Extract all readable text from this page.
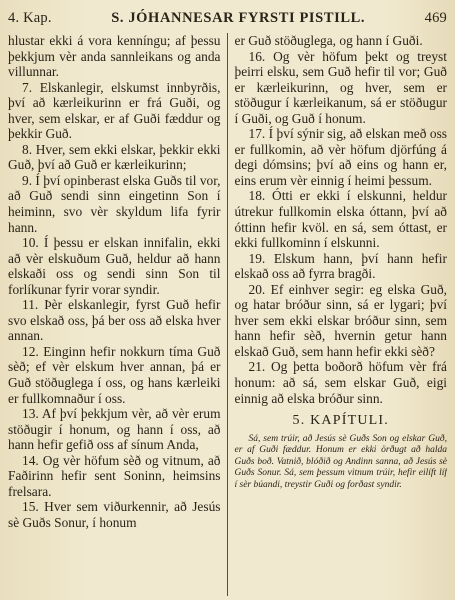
4. Kap.	S. JÓHANNESAR FYRSTI PISTILL.	469

hlustar ekki á vora kenníngu; af þessu þekkjum vèr anda sannleikans og anda villunnar.

7. Elskanlegir, elskumst innbyrðis, því að kærleikurinn er frá Guði, og hver, sem elskar, er af Guði fæddur og þekkir Guð.

8. Hver, sem ekki elskar, þekkir ekki Guð, því að Guð er kærleikurinn;

9. Í því opinberast elska Guðs til vor, að Guð sendi sinn eingetinn Son í heiminn, svo vèr skyldum lifa fyrir hann.

10. Í þessu er elskan innifalin, ekki að vèr elskuðum Guð, heldur að hann elskaði oss og sendi sinn Son til forlíkunar fyrir vorar syndir.

11. Þèr elskanlegir, fyrst Guð hefir svo elskað oss, þá ber oss að elska hver annan.

12. Einginn hefir nokkurn tíma Guð sèð; ef vèr elskum hver annan, þá er Guð stöðuglega í oss, og hans kærleiki er fullkomnaður í oss.

13. Af því þekkjum vèr, að vèr erum stöðugir í honum, og hann í oss, að hann hefir gefið oss af sínum Anda,

14. Og vèr höfum sèð og vitnum, að Faðirinn hefir sent Soninn, heimsins frelsara.

15. Hver sem viðurkennir, að Jesús sè Guðs Sonur, í honum

er Guð stöðuglega, og hann í Guði.

16. Og vèr höfum þekt og treyst þeirri elsku, sem Guð hefir til vor; Guð er kærleikurinn, og hver, sem er stöðugur í kærleikanum, sá er stöðugur í Guði, og Guð í honum.

17. Í því sýnir sig, að elskan með oss er fullkomin, að vèr höfum djörfúng á degi dómsins; því að eins og hann er, eins erum vèr einnig í heimi þessum.

18. Ótti er ekki í elskunni, heldur útrekur fullkomin elska óttann, því að óttinn hefir kvöl. en sá, sem óttast, er ekki fullkominn í elskunni.

19. Elskum hann, því hann hefir elskað oss að fyrra bragði.

20. Ef einhver segir: eg elska Guð, og hatar bróður sinn, sá er lygari; því hver sem ekki elskar bróður sinn, sem hann hefir sèð, hvernin getur hann elskað Guð, sem hann hefir ekki sèð?

21. Og þetta boðorð höfum vèr frá honum: að sá, sem elskar Guð, eigi einnig að elska bróður sinn.

5. KAPÍTULI.

Sá, sem trúir, að Jesús sè Guðs Son og elskar Guð, er af Guði fæddur. Honum er ekki örðugt að halda Guðs boð. Vatnið, blóðið og Andinn sanna, að Jesús sè Guðs Sonur. Sá, sem þessum vitnum trúir, hefir eilíft líf í sèr búandi, treystir Guði og forðast syndir.
